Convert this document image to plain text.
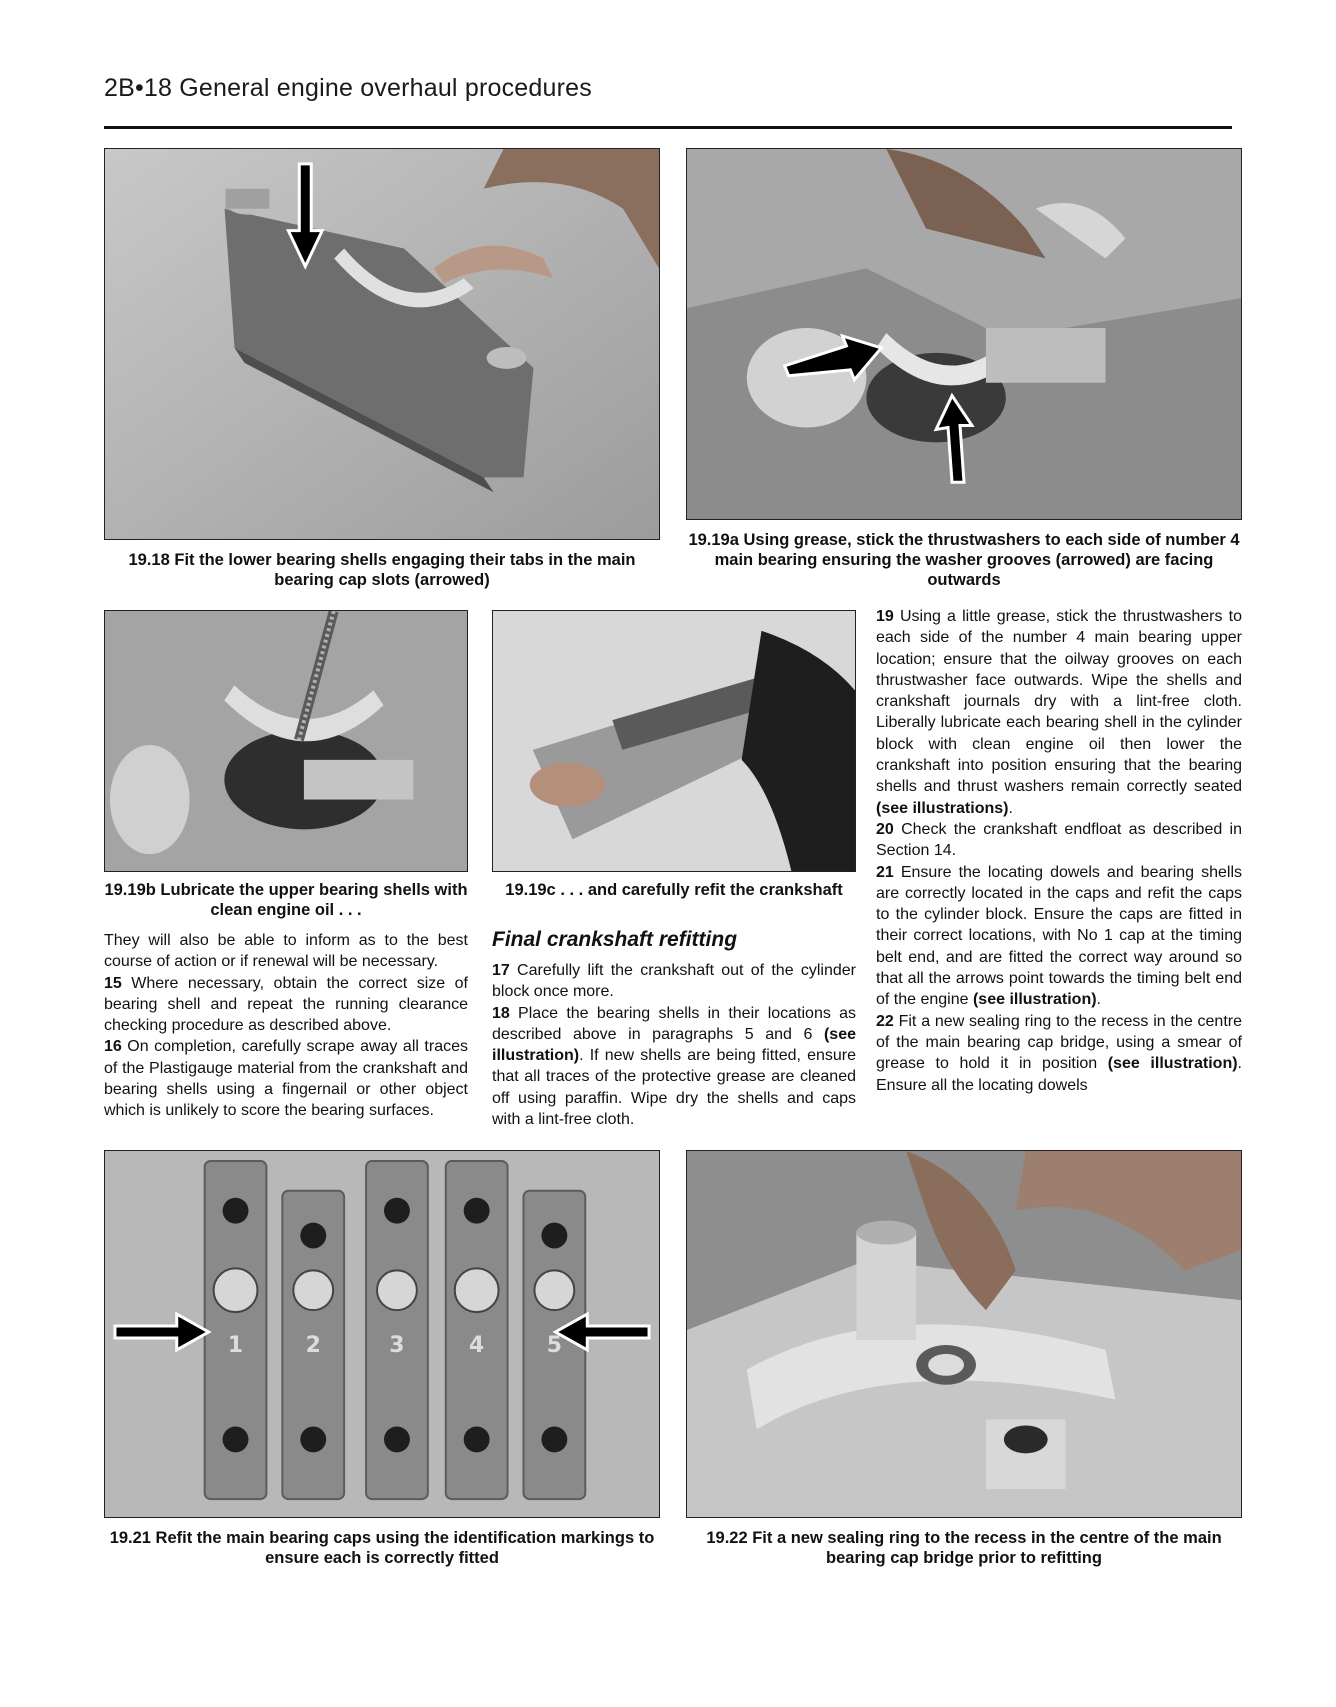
2B•18 General engine overhaul procedures
19.18 Fit the lower bearing shells engaging their tabs in the main bearing cap slots (arrowed)
19.19a Using grease, stick the thrustwashers to each side of number 4 main bearing ensuring the washer grooves (arrowed) are facing outwards
19.19b Lubricate the upper bearing shells with clean engine oil . . .
19.19c . . . and carefully refit the crankshaft

They will also be able to inform as to the best course of action or if renewal will be necessary.

15 Where necessary, obtain the correct size of bearing shell and repeat the running clearance checking procedure as described above.

16 On completion, carefully scrape away all traces of the Plastigauge material from the crankshaft and bearing shells using a fingernail or other object which is unlikely to score the bearing surfaces.

Final crankshaft refitting

17 Carefully lift the crankshaft out of the cylinder block once more.

18 Place the bearing shells in their locations as described above in paragraphs 5 and 6 (see illustration). If new shells are being fitted, ensure that all traces of the protective grease are cleaned off using paraffin. Wipe dry the shells and caps with a lint-free cloth.

19 Using a little grease, stick the thrustwashers to each side of the number 4 main bearing upper location; ensure that the oilway grooves on each thrustwasher face outwards. Wipe the shells and crankshaft journals dry with a lint-free cloth. Liberally lubricate each bearing shell in the cylinder block with clean engine oil then lower the crankshaft into position ensuring that the bearing shells and thrust washers remain correctly seated (see illustrations).

20 Check the crankshaft endfloat as described in Section 14.

21 Ensure the locating dowels and bearing shells are correctly located in the caps and refit the caps to the cylinder block. Ensure the caps are fitted in their correct locations, with No 1 cap at the timing belt end, and are fitted the correct way around so that all the arrows point towards the timing belt end of the engine (see illustration).

22 Fit a new sealing ring to the recess in the centre of the main bearing cap bridge, using a smear of grease to hold it in position (see illustration). Ensure all the locating dowels

1	2	3	4	5
19.21 Refit the main bearing caps using the identification markings to ensure each is correctly fitted
19.22 Fit a new sealing ring to the recess in the centre of the main bearing cap bridge prior to refitting
